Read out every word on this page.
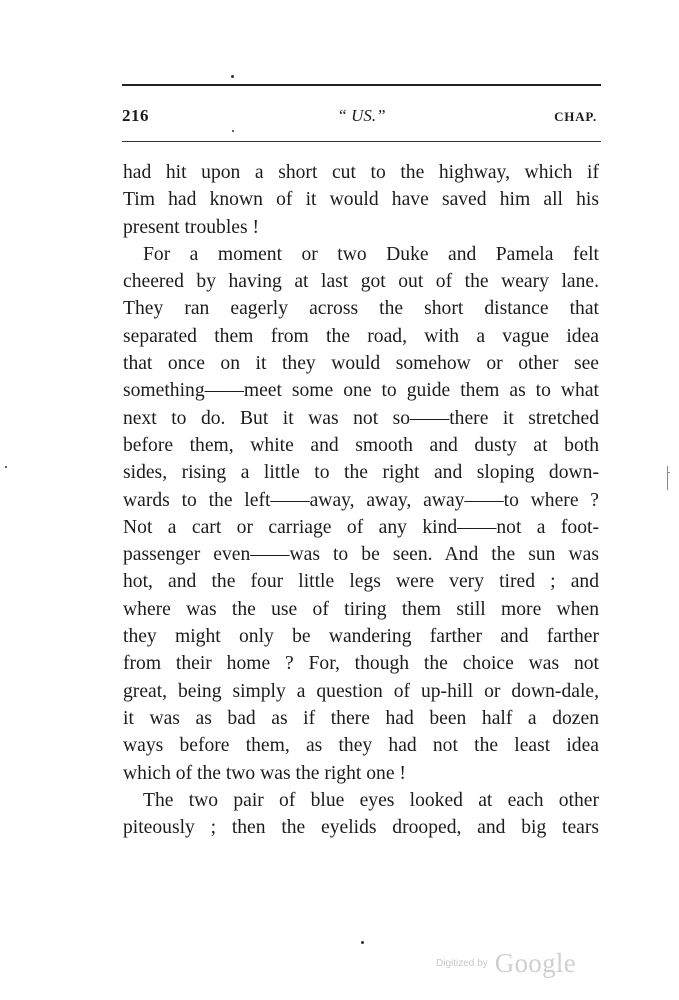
216	“ US.”	CHAP.
had hit upon a short cut to the highway, which if
Tim had known of it would have saved him all his
present troubles !
For a moment or two Duke and Pamela felt
cheered by having at last got out of the weary lane.
They ran eagerly across the short distance that
separated them from the road, with a vague idea
that once on it they would somehow or other see
something——meet some one to guide them as to what
next to do. But it was not so——there it stretched
before them, white and smooth and dusty at both
sides, rising a little to the right and sloping down-
wards to the left——away, away, away——to where ?
Not a cart or carriage of any kind——not a foot-
passenger even——was to be seen. And the sun was
hot, and the four little legs were very tired ; and
where was the use of tiring them still more when
they might only be wandering farther and farther
from their home ? For, though the choice was not
great, being simply a question of up-hill or down-dale,
it was as bad as if there had been half a dozen
ways before them, as they had not the least idea
which of the two was the right one !
The two pair of blue eyes looked at each other
piteously ; then the eyelids drooped, and big tears
Digitized by Google
